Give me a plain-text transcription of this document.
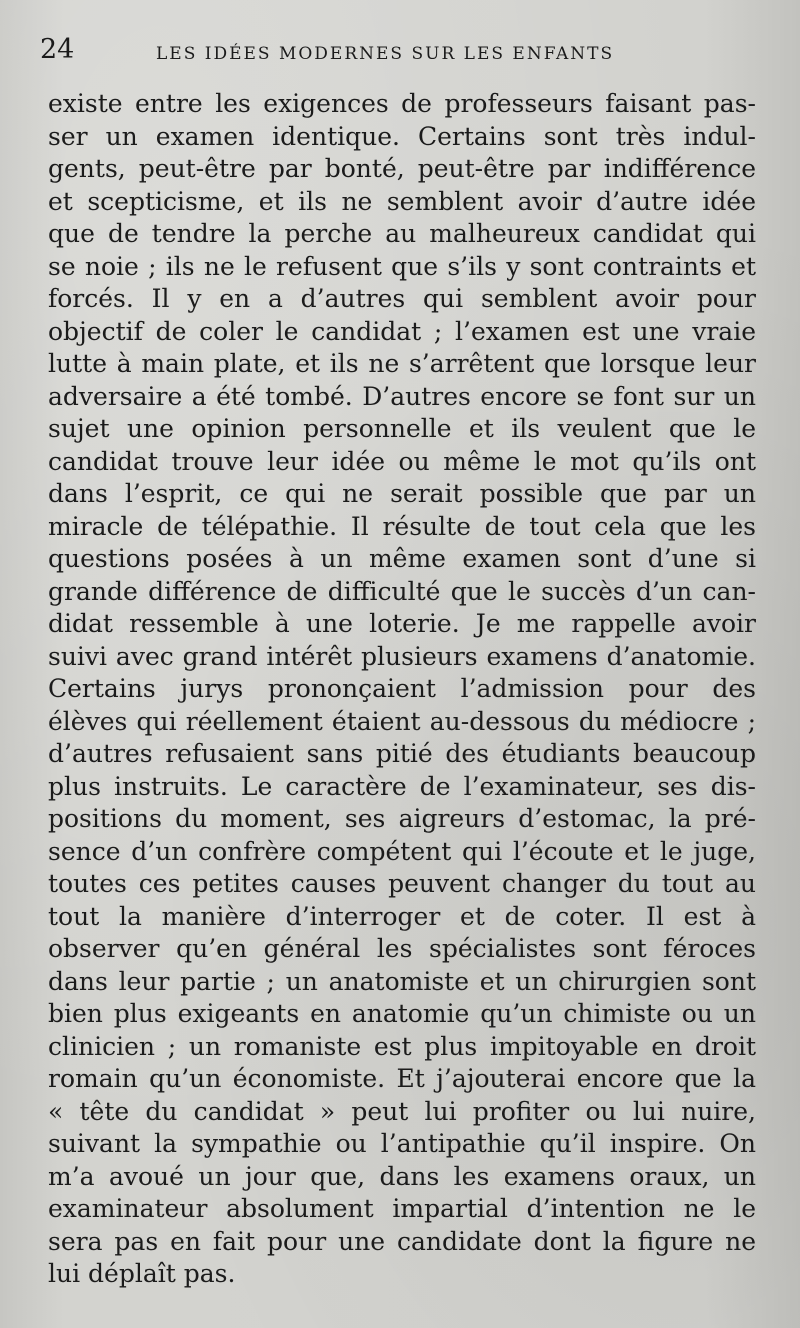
24	LES IDÉES MODERNES SUR LES ENFANTS
existe entre les exigences de professeurs faisant pas-
ser un examen identique. Certains sont très indul-
gents, peut-être par bonté, peut-être par indifférence
et scepticisme, et ils ne semblent avoir d’autre idée
que de tendre la perche au malheureux candidat qui
se noie ; ils ne le refusent que s’ils y sont contraints et
forcés. Il y en a d’autres qui semblent avoir pour
objectif de coler le candidat ; l’examen est une vraie
lutte à main plate, et ils ne s’arrêtent que lorsque leur
adversaire a été tombé. D’autres encore se font sur un
sujet une opinion personnelle et ils veulent que le
candidat trouve leur idée ou même le mot qu’ils ont
dans l’esprit, ce qui ne serait possible que par un
miracle de télépathie. Il résulte de tout cela que les
questions posées à un même examen sont d’une si
grande différence de difficulté que le succès d’un can-
didat ressemble à une loterie. Je me rappelle avoir
suivi avec grand intérêt plusieurs examens d’anatomie.
Certains jurys prononçaient l’admission pour des
élèves qui réellement étaient au-dessous du médiocre ;
d’autres refusaient sans pitié des étudiants beaucoup
plus instruits. Le caractère de l’examinateur, ses dis-
positions du moment, ses aigreurs d’estomac, la pré-
sence d’un confrère compétent qui l’écoute et le juge,
toutes ces petites causes peuvent changer du tout au
tout la manière d’interroger et de coter. Il est à
observer qu’en général les spécialistes sont féroces
dans leur partie ; un anatomiste et un chirurgien sont
bien plus exigeants en anatomie qu’un chimiste ou un
clinicien ; un romaniste est plus impitoyable en droit
romain qu’un économiste. Et j’ajouterai encore que la
« tête du candidat » peut lui profiter ou lui nuire,
suivant la sympathie ou l’antipathie qu’il inspire. On
m’a avoué un jour que, dans les examens oraux, un
examinateur absolument impartial d’intention ne le
sera pas en fait pour une candidate dont la figure ne
lui déplaît pas.
